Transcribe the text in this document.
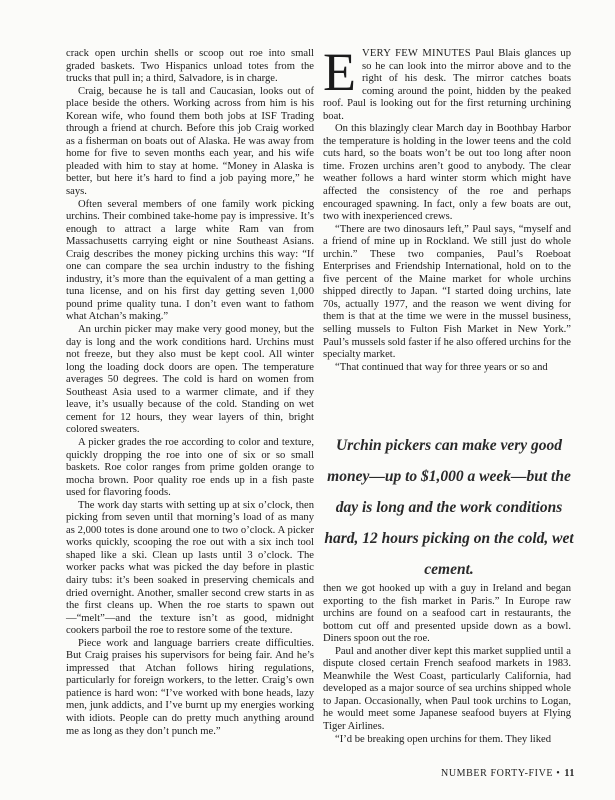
crack open urchin shells or scoop out roe into small graded baskets. Two Hispanics unload totes from the trucks that pull in; a third, Salvadore, is in charge.

Craig, because he is tall and Caucasian, looks out of place beside the others. Working across from him is his Korean wife, who found them both jobs at ISF Trading through a friend at church. Before this job Craig worked as a fisherman on boats out of Alaska. He was away from home for five to seven months each year, and his wife pleaded with him to stay at home. “Money in Alaska is better, but here it’s hard to find a job paying more,” he says.

Often several members of one family work picking urchins. Their combined take-home pay is impressive. It’s enough to attract a large white Ram van from Massachusetts carrying eight or nine Southeast Asians. Craig describes the money picking urchins this way: “If one can compare the sea urchin industry to the fishing industry, it’s more than the equivalent of a man getting a tuna license, and on his first day getting seven 1,000 pound prime quality tuna. I don’t even want to fathom what Atchan’s making.”

An urchin picker may make very good money, but the day is long and the work conditions hard. Urchins must not freeze, but they also must be kept cool. All winter long the loading dock doors are open. The temperature averages 50 degrees. The cold is hard on women from Southeast Asia used to a warmer climate, and if they leave, it’s usually because of the cold. Standing on wet cement for 12 hours, they wear layers of thin, bright colored sweaters.

A picker grades the roe according to color and texture, quickly dropping the roe into one of six or so small baskets. Roe color ranges from prime golden orange to mocha brown. Poor quality roe ends up in a fish paste used for flavoring foods.

The work day starts with setting up at six o’clock, then picking from seven until that morning’s load of as many as 2,000 totes is done around one to two o’clock. A picker works quickly, scooping the roe out with a six inch tool shaped like a ski. Clean up lasts until 3 o’clock. The worker packs what was picked the day before in plastic dairy tubs: it’s been soaked in preserving chemicals and dried overnight. Another, smaller second crew starts in as the first cleans up. When the roe starts to spawn out—“melt”—and the texture isn’t as good, midnight cookers parboil the roe to restore some of the texture.

Piece work and language barriers create difficulties. But Craig praises his supervisors for being fair. And he’s impressed that Atchan follows hiring regulations, particularly for foreign workers, to the letter. Craig’s own patience is hard won: “I’ve worked with bone heads, lazy men, junk addicts, and I’ve burnt up my energies working with idiots. People can do pretty much anything around me as long as they don’t punch me.”

EVERY FEW MINUTES Paul Blais glances up so he can look into the mirror above and to the right of his desk. The mirror catches boats coming around the point, hidden by the peaked roof. Paul is looking out for the first returning urchining boat.

On this blazingly clear March day in Boothbay Harbor the temperature is holding in the lower teens and the cold cuts hard, so the boats won’t be out too long after noon time. Frozen urchins aren’t good to anybody. The clear weather follows a hard winter storm which might have affected the consistency of the roe and perhaps encouraged spawning. In fact, only a few boats are out, two with inexperienced crews.

“There are two dinosaurs left,” Paul says, “myself and a friend of mine up in Rockland. We still just do whole urchin.” These two companies, Paul’s Roeboat Enterprises and Friendship International, hold on to the five percent of the Maine market for whole urchins shipped directly to Japan. “I started doing urchins, late 70s, actually 1977, and the reason we went diving for them is that at the time we were in the mussel business, selling mussels to Fulton Fish Market in New York.” Paul’s mussels sold faster if he also offered urchins for the specialty market.

“That continued that way for three years or so and

Urchin pickers can make very good money—up to $1,000 a week—but the day is long and the work conditions hard, 12 hours picking on the cold, wet cement.

then we got hooked up with a guy in Ireland and began exporting to the fish market in Paris.” In Europe raw urchins are found on a seafood cart in restaurants, the bottom cut off and presented upside down as a bowl. Diners spoon out the roe.

Paul and another diver kept this market supplied until a dispute closed certain French seafood markets in 1983. Meanwhile the West Coast, particularly California, had developed as a major source of sea urchins shipped whole to Japan. Occasionally, when Paul took urchins to Logan, he would meet some Japanese seafood buyers at Flying Tiger Airlines.

“I’d be breaking open urchins for them. They liked

NUMBER FORTY-FIVE • 11
